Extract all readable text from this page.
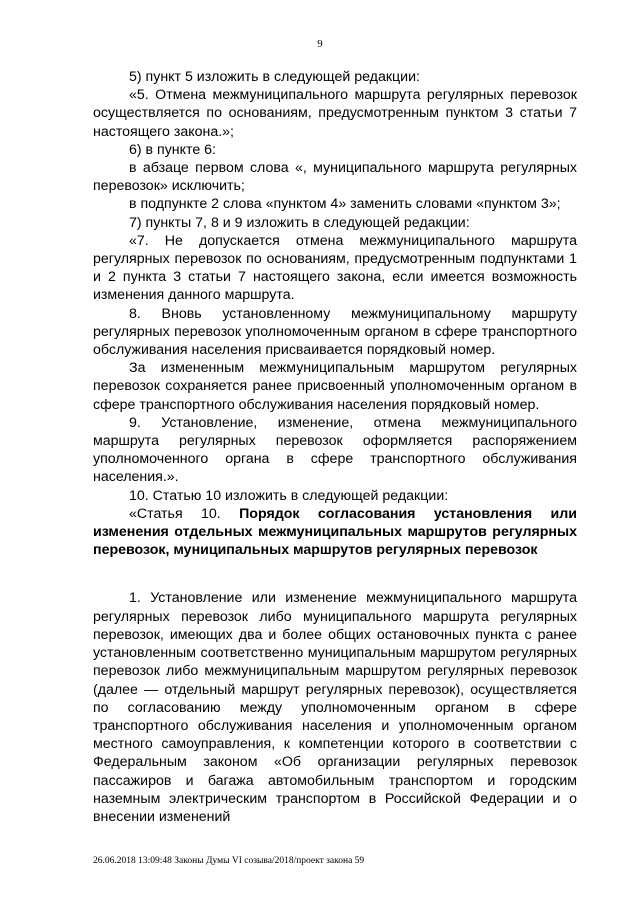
9

5) пункт 5 изложить в следующей редакции:

«5. Отмена межмуниципального маршрута регулярных перевозок осуществляется по основаниям, предусмотренным пунктом 3 статьи 7 настоящего закона.»;

6) в пункте 6:

в абзаце первом слова «, муниципального маршрута регулярных перевозок» исключить;

в подпункте 2 слова «пунктом 4» заменить словами «пунктом 3»;

7) пункты 7, 8 и 9 изложить в следующей редакции:

«7. Не допускается отмена межмуниципального маршрута регулярных перевозок по основаниям, предусмотренным подпунктами 1 и 2 пункта 3 статьи 7 настоящего закона, если имеется возможность изменения данного маршрута.

8. Вновь установленному межмуниципальному маршруту регулярных перевозок уполномоченным органом в сфере транспортного обслуживания населения присваивается порядковый номер.

За измененным межмуниципальным маршрутом регулярных перевозок сохраняется ранее присвоенный уполномоченным органом в сфере транспортного обслуживания населения порядковый номер.

9. Установление, изменение, отмена межмуниципального маршрута регулярных перевозок оформляется распоряжением уполномоченного органа в сфере транспортного обслуживания населения.».

10. Статью 10 изложить в следующей редакции:

«Статья 10. Порядок согласования установления или изменения отдельных межмуниципальных маршрутов регулярных перевозок, муниципальных маршрутов регулярных перевозок

1. Установление или изменение межмуниципального маршрута регулярных перевозок либо муниципального маршрута регулярных перевозок, имеющих два и более общих остановочных пункта с ранее установленным соответственно муниципальным маршрутом регулярных перевозок либо межмуниципальным маршрутом регулярных перевозок (далее — отдельный маршрут регулярных перевозок), осуществляется по согласованию между уполномоченным органом в сфере транспортного обслуживания населения и уполномоченным органом местного самоуправления, к компетенции которого в соответствии с Федеральным законом «Об организации регулярных перевозок пассажиров и багажа автомобильным транспортом и городским наземным электрическим транспортом в Российской Федерации и о внесении изменений

26.06.2018 13:09:48 Законы Думы VI созыва/2018/проект закона 59
